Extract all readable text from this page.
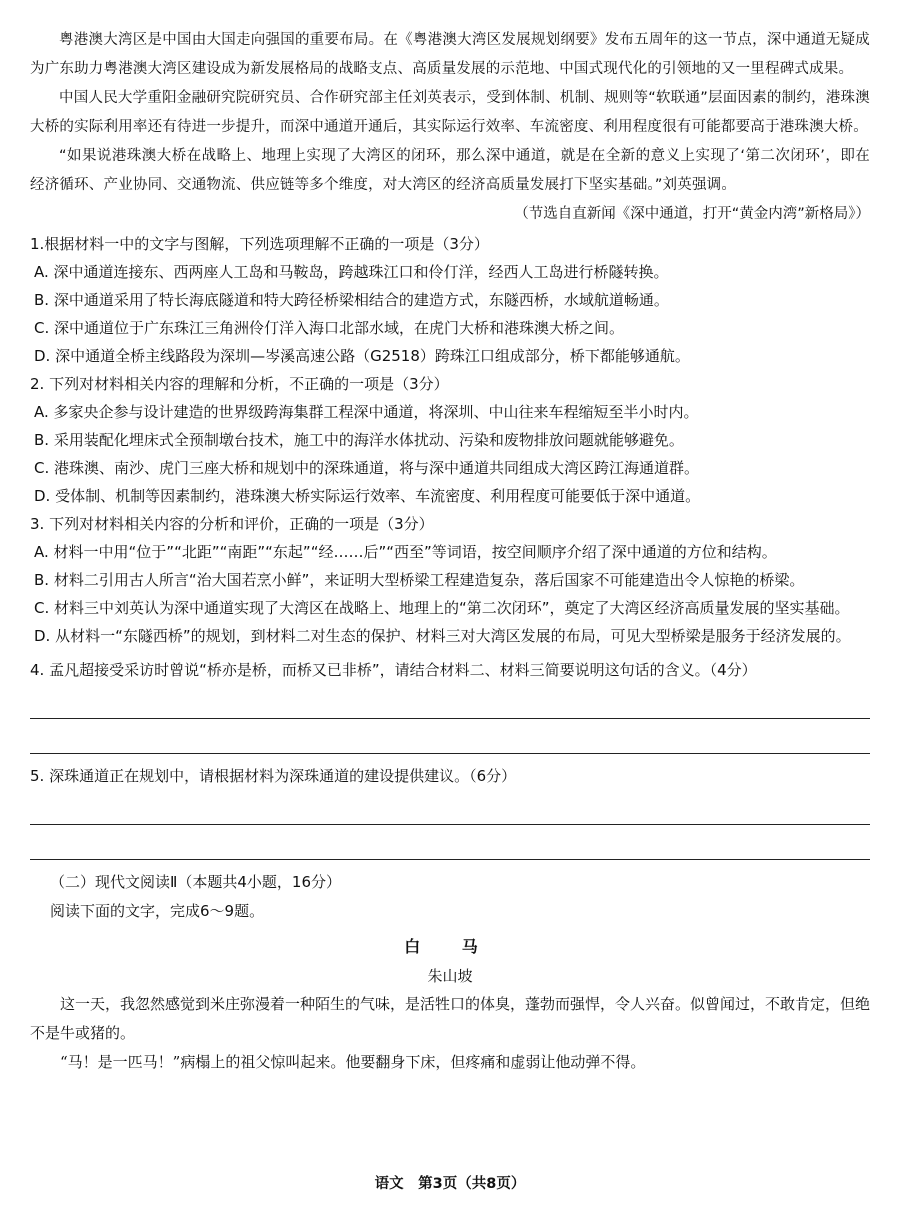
粤港澳大湾区是中国由大国走向强国的重要布局。在《粤港澳大湾区发展规划纲要》发布五周年的这一节点，深中通道无疑成为广东助力粤港澳大湾区建设成为新发展格局的战略支点、高质量发展的示范地、中国式现代化的引领地的又一里程碑式成果。

中国人民大学重阳金融研究院研究员、合作研究部主任刘英表示，受到体制、机制、规则等“软联通”层面因素的制约，港珠澳大桥的实际利用率还有待进一步提升，而深中通道开通后，其实际运行效率、车流密度、利用程度很有可能都要高于港珠澳大桥。

“如果说港珠澳大桥在战略上、地理上实现了大湾区的闭环，那么深中通道，就是在全新的意义上实现了‘第二次闭环’，即在经济循环、产业协同、交通物流、供应链等多个维度，对大湾区的经济高质量发展打下坚实基础。”刘英强调。

（节选自直新闻《深中通道，打开“黄金内湾”新格局》）

1.根据材料一中的文字与图解，下列选项理解不正确的一项是（3分）

A. 深中通道连接东、西两座人工岛和马鞍岛，跨越珠江口和伶仃洋，经西人工岛进行桥隧转换。

B. 深中通道采用了特长海底隧道和特大跨径桥梁相结合的建造方式，东隧西桥，水域航道畅通。

C. 深中通道位于广东珠江三角洲伶仃洋入海口北部水域，在虎门大桥和港珠澳大桥之间。

D. 深中通道全桥主线路段为深圳—岑溪高速公路（G2518）跨珠江口组成部分，桥下都能够通航。

2. 下列对材料相关内容的理解和分析，不正确的一项是（3分）

A. 多家央企参与设计建造的世界级跨海集群工程深中通道，将深圳、中山往来车程缩短至半小时内。

B. 采用装配化埋床式全预制墩台技术，施工中的海洋水体扰动、污染和废物排放问题就能够避免。

C. 港珠澳、南沙、虎门三座大桥和规划中的深珠通道，将与深中通道共同组成大湾区跨江海通道群。

D. 受体制、机制等因素制约，港珠澳大桥实际运行效率、车流密度、利用程度可能要低于深中通道。

3. 下列对材料相关内容的分析和评价，正确的一项是（3分）

A. 材料一中用“位于”“北距”“南距”“东起”“经……后”“西至”等词语，按空间顺序介绍了深中通道的方位和结构。

B. 材料二引用古人所言“治大国若烹小鲜”，来证明大型桥梁工程建造复杂，落后国家不可能建造出令人惊艳的桥梁。

C. 材料三中刘英认为深中通道实现了大湾区在战略上、地理上的“第二次闭环”，奠定了大湾区经济高质量发展的坚实基础。

D. 从材料一“东隧西桥”的规划，到材料二对生态的保护、材料三对大湾区发展的布局，可见大型桥梁是服务于经济发展的。

4. 孟凡超接受采访时曾说“桥亦是桥，而桥又已非桥”，请结合材料二、材料三简要说明这句话的含义。（4分）

5. 深珠通道正在规划中，请根据材料为深珠通道的建设提供建议。（6分）

（二）现代文阅读Ⅱ（本题共4小题，16分）

阅读下面的文字，完成6～9题。

白 马

朱山坡

这一天，我忽然感觉到米庄弥漫着一种陌生的气味，是活牲口的体臭，蓬勃而强悍，令人兴奋。似曾闻过，不敢肯定，但绝不是牛或猪的。

“马！是一匹马！”病榻上的祖父惊叫起来。他要翻身下床，但疼痛和虚弱让他动弹不得。

语文　第3页（共8页）
